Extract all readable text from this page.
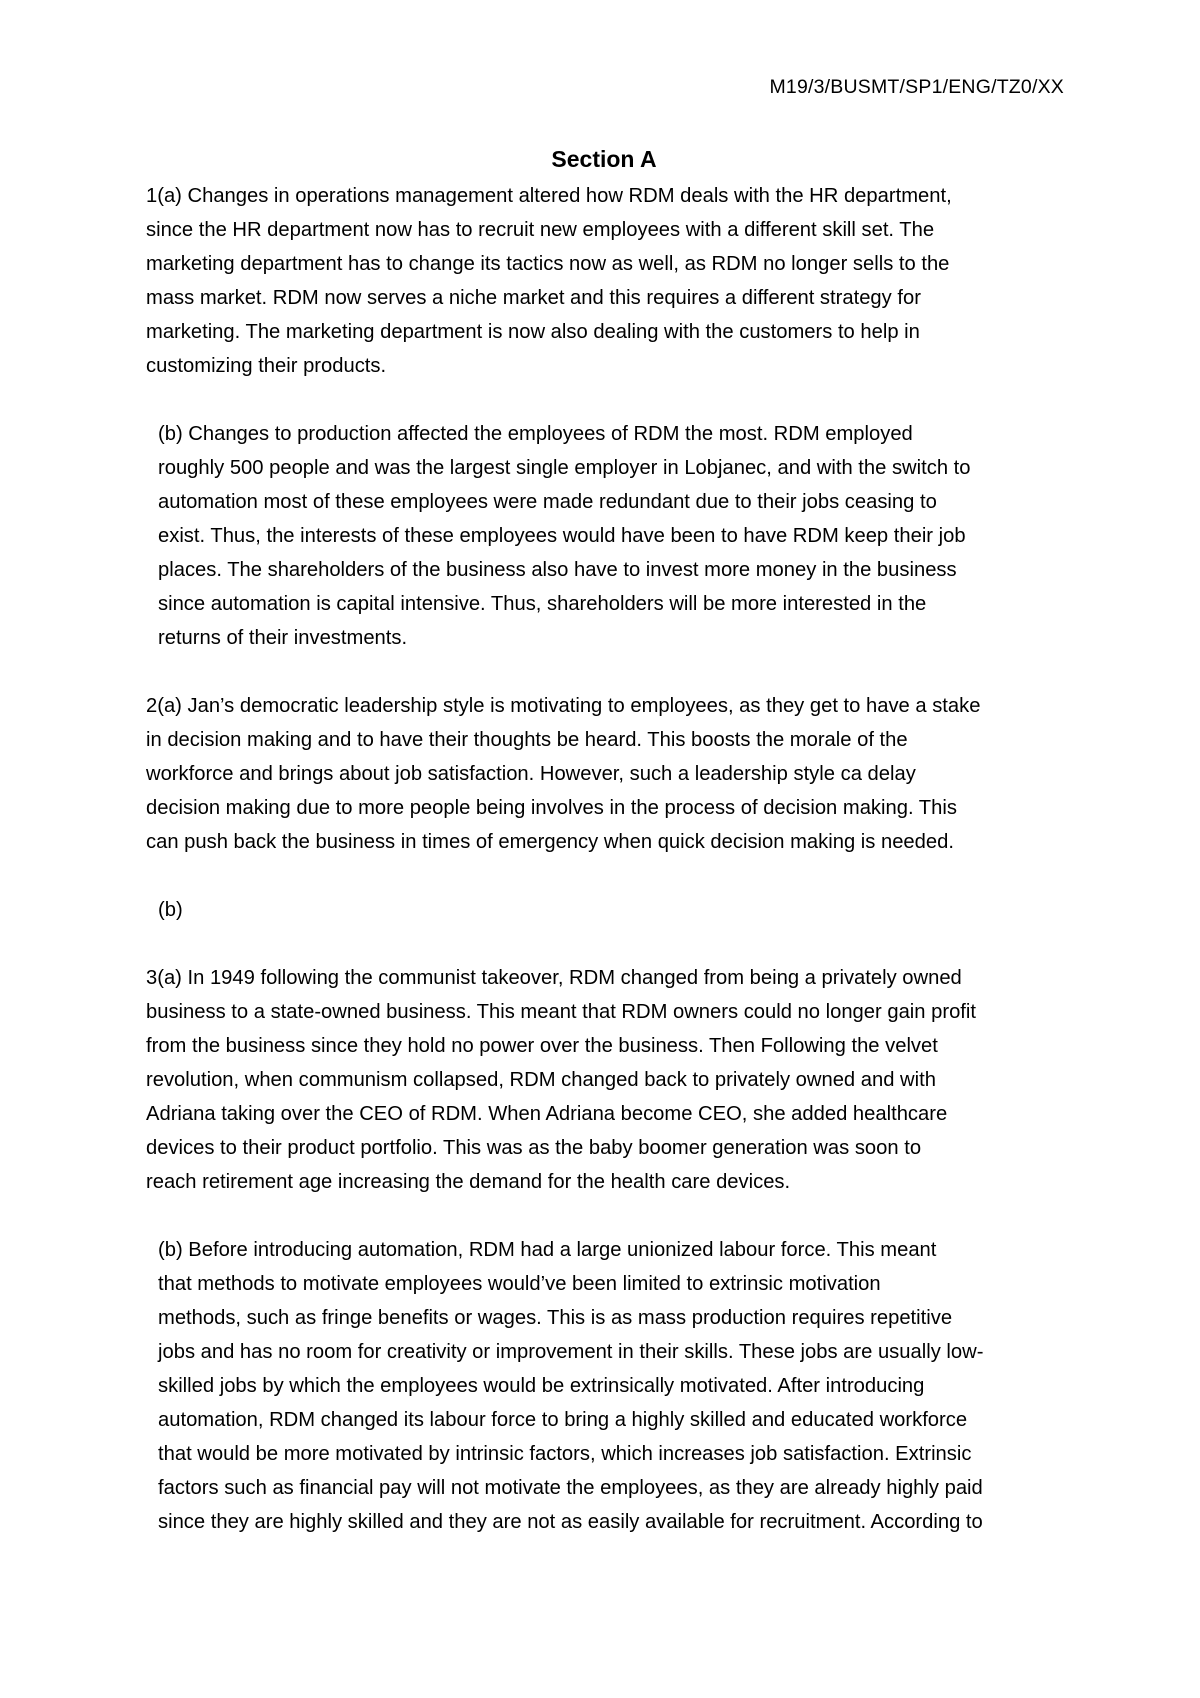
M19/3/BUSMT/SP1/ENG/TZ0/XX
Section A
1(a) Changes in operations management altered how RDM deals with the HR department,
since the HR department now has to recruit new employees with a different skill set. The
marketing department has to change its tactics now as well, as RDM no longer sells to the
mass market. RDM now serves a niche market and this requires a different strategy for
marketing. The marketing department is now also dealing with the customers to help in
customizing their products.
(b) Changes to production affected the employees of RDM the most. RDM employed
roughly 500 people and was the largest single employer in Lobjanec, and with the switch to
automation most of these employees were made redundant due to their jobs ceasing to
exist. Thus, the interests of these employees would have been to have RDM keep their job
places. The shareholders of the business also have to invest more money in the business
since automation is capital intensive. Thus, shareholders will be more interested in the
returns of their investments.
2(a) Jan’s democratic leadership style is motivating to employees, as they get to have a stake
in decision making and to have their thoughts be heard. This boosts the morale of the
workforce and brings about job satisfaction. However, such a leadership style ca delay
decision making due to more people being involves in the process of decision making. This
can push back the business in times of emergency when quick decision making is needed.
(b)
3(a) In 1949 following the communist takeover, RDM changed from being a privately owned
business to a state-owned business. This meant that RDM owners could no longer gain profit
from the business since they hold no power over the business. Then Following the velvet
revolution, when communism collapsed, RDM changed back to privately owned and with
Adriana taking over the CEO of RDM. When Adriana become CEO, she added healthcare
devices to their product portfolio. This was as the baby boomer generation was soon to
reach retirement age increasing the demand for the health care devices.
(b) Before introducing automation, RDM had a large unionized labour force. This meant
that methods to motivate employees would’ve been limited to extrinsic motivation
methods, such as fringe benefits or wages. This is as mass production requires repetitive
jobs and has no room for creativity or improvement in their skills. These jobs are usually low-
skilled jobs by which the employees would be extrinsically motivated. After introducing
automation, RDM changed its labour force to bring a highly skilled and educated workforce
that would be more motivated by intrinsic factors, which increases job satisfaction. Extrinsic
factors such as financial pay will not motivate the employees, as they are already highly paid
since they are highly skilled and they are not as easily available for recruitment. According to
